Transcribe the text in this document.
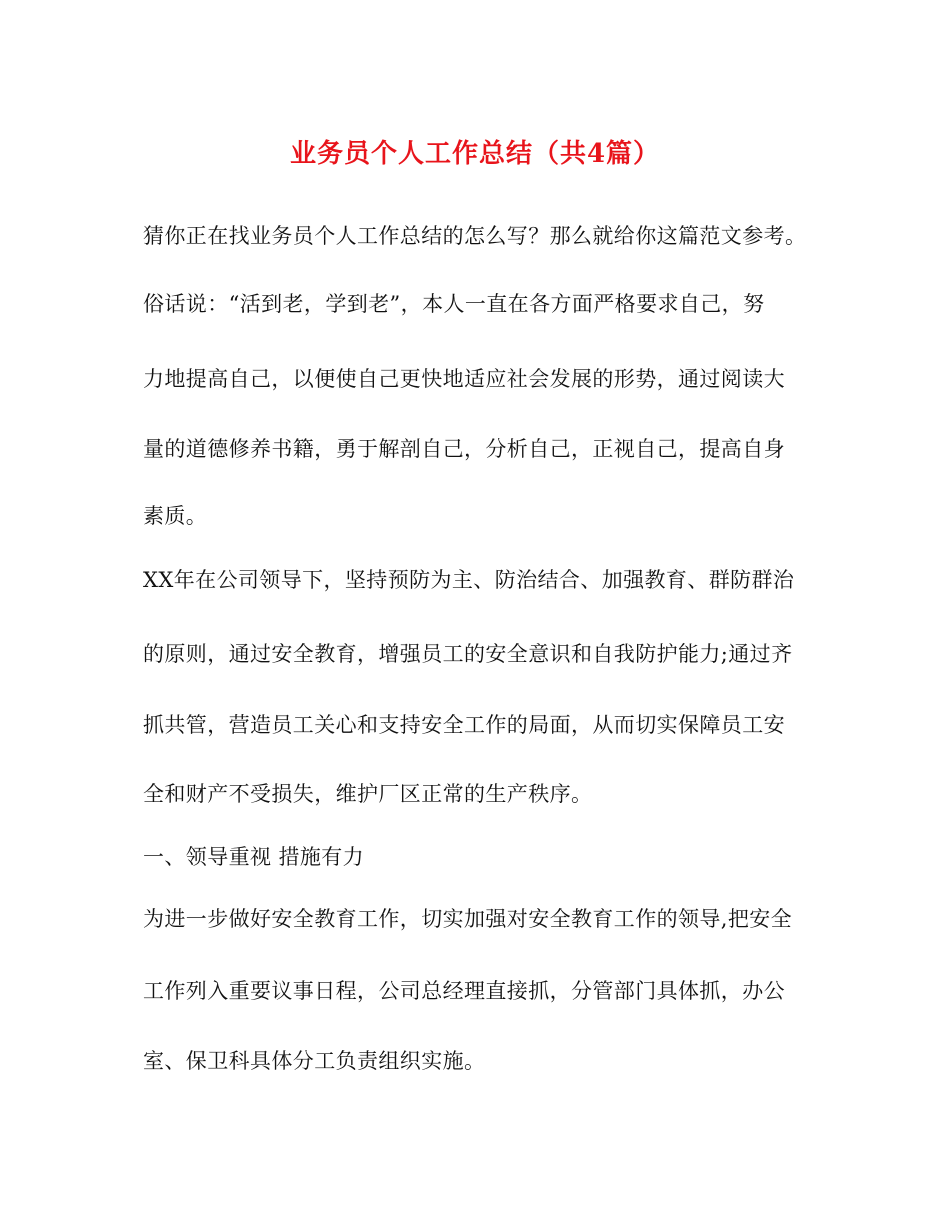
业务员个人工作总结（共4篇）
猜你正在找业务员个人工作总结的怎么写？那么就给你这篇范文参考。
俗话说：“活到老，学到老”，本人一直在各方面严格要求自己，努
力地提高自己，以便使自己更快地适应社会发展的形势，通过阅读大
量的道德修养书籍，勇于解剖自己，分析自己，正视自己，提高自身
素质。
XX年在公司领导下，坚持预防为主、防治结合、加强教育、群防群治
的原则，通过安全教育，增强员工的安全意识和自我防护能力;通过齐
抓共管，营造员工关心和支持安全工作的局面，从而切实保障员工安
全和财产不受损失，维护厂区正常的生产秩序。
一、领导重视 措施有力
为进一步做好安全教育工作，切实加强对安全教育工作的领导,把安全
工作列入重要议事日程，公司总经理直接抓，分管部门具体抓，办公
室、保卫科具体分工负责组织实施。
